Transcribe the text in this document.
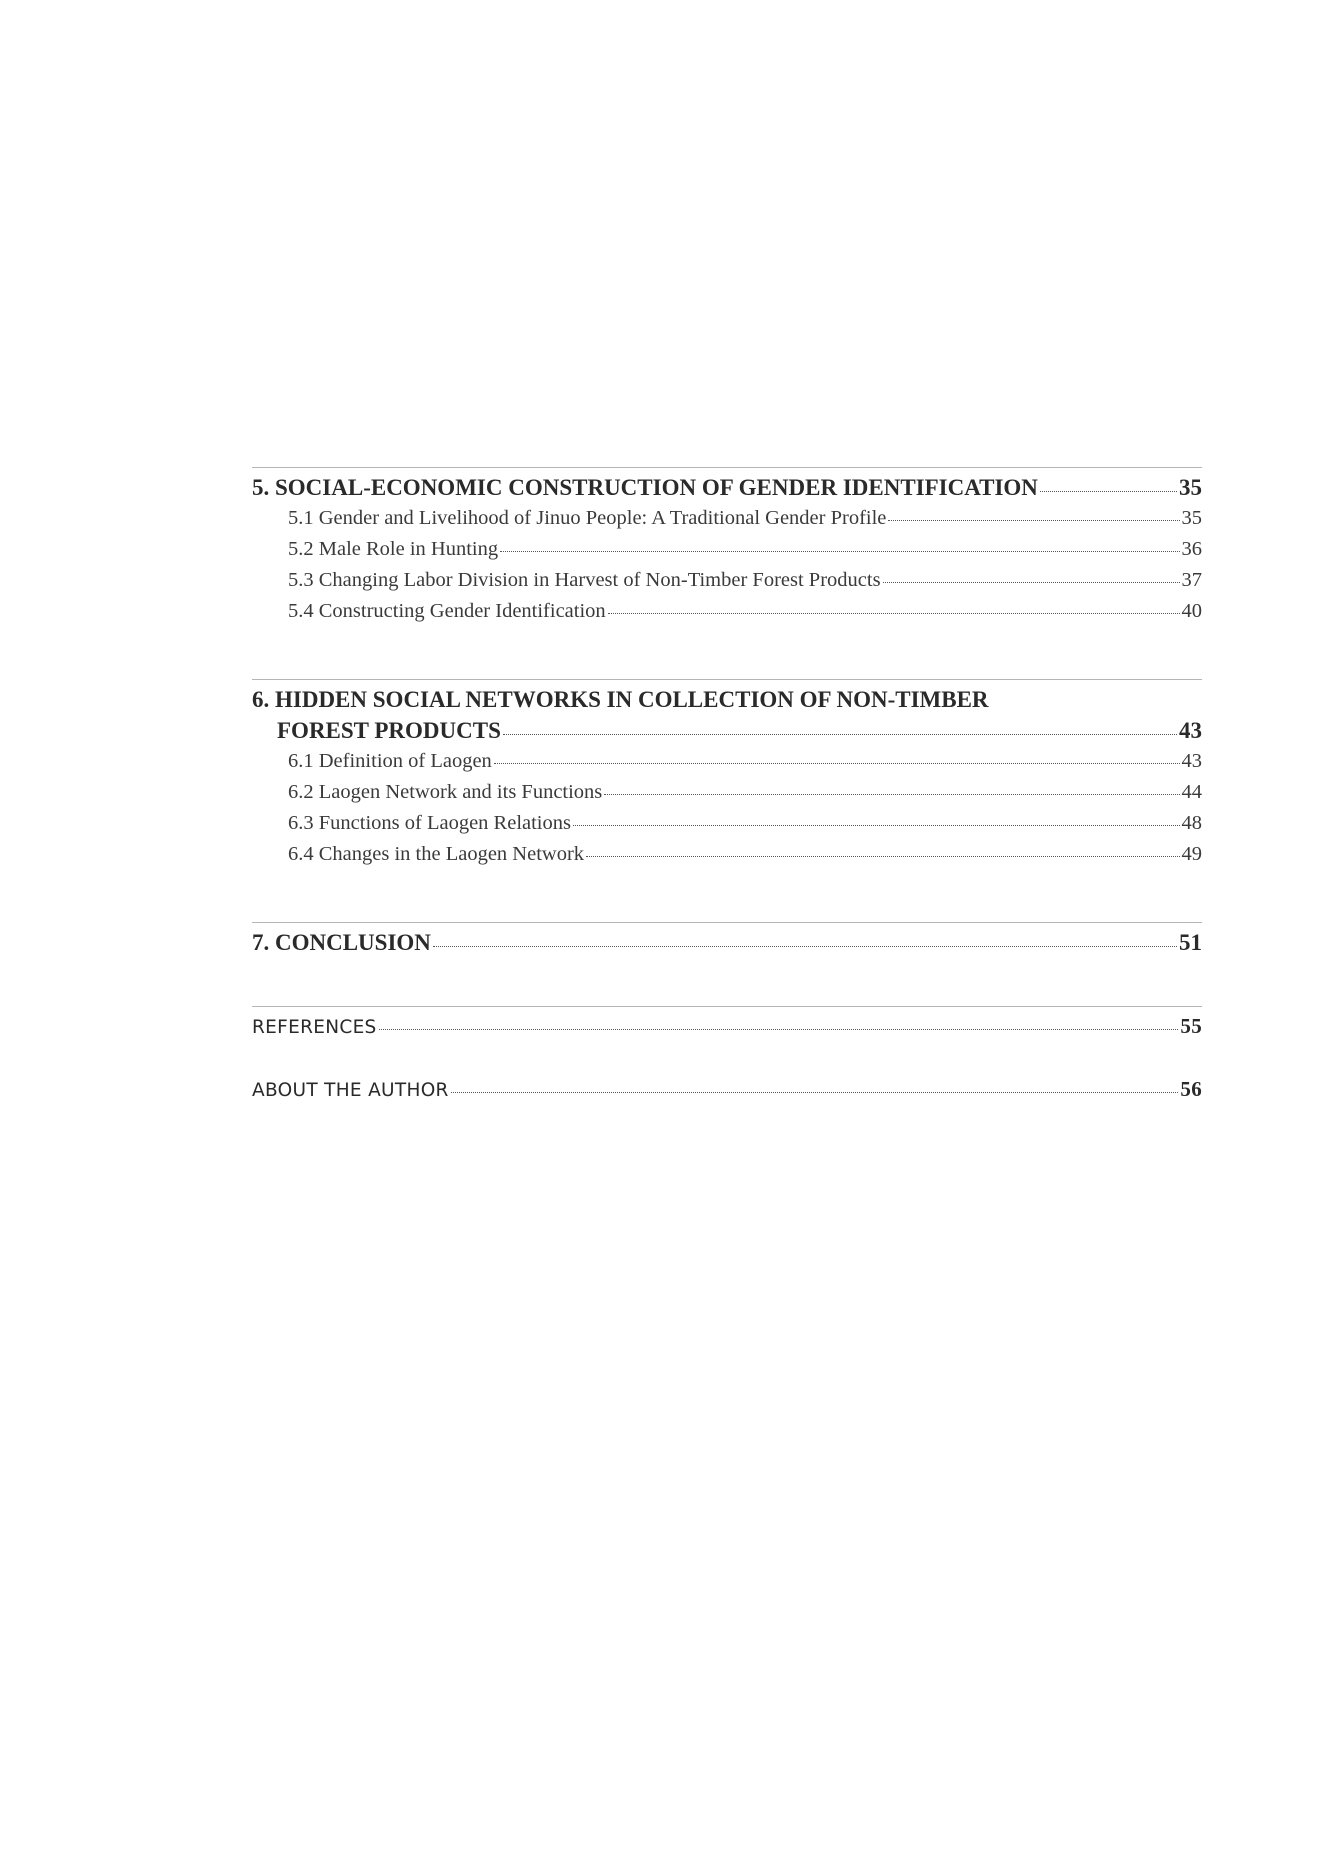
5. SOCIAL-ECONOMIC CONSTRUCTION OF GENDER IDENTIFICATION	35
5.1 Gender and Livelihood of Jinuo People: A Traditional Gender Profile	35
5.2 Male Role in Hunting	36
5.3 Changing Labor Division in Harvest of Non-Timber Forest Products	37
5.4 Constructing Gender Identification	40
6. HIDDEN SOCIAL NETWORKS IN COLLECTION OF NON-TIMBER
FOREST PRODUCTS	43
6.1 Definition of Laogen	43
6.2 Laogen Network and its Functions	44
6.3 Functions of Laogen Relations	48
6.4 Changes in the Laogen Network	49
7. CONCLUSION	51
REFERENCES	55
ABOUT THE AUTHOR	56
